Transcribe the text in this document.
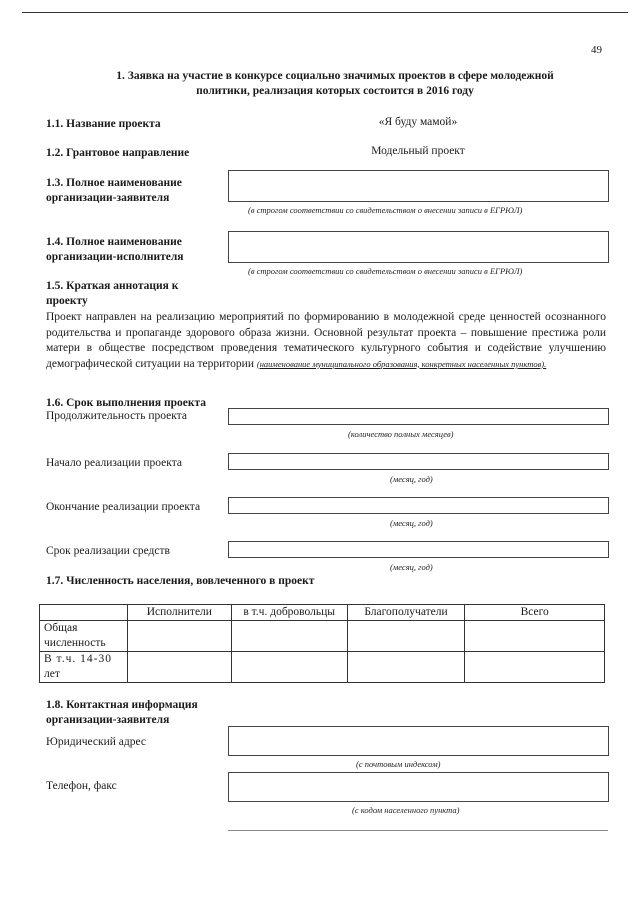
49
1. Заявка на участие в конкурсе социально значимых проектов в сфере молодежной
политики, реализация которых состоится в 2016 году
1.1. Название проекта	«Я буду мамой»
1.2. Грантовое направление	Модельный проект
1.3. Полное наименование
организации-заявителя
(в строгом соответствии со свидетельством о внесении записи в ЕГРЮЛ)
1.4. Полное наименование
организации-исполнителя
(в строгом соответствии со свидетельством о внесении записи в ЕГРЮЛ)
1.5. Краткая аннотация к
проекту
Проект направлен на реализацию мероприятий по формированию в молодежной среде ценностей осознанного родительства и пропаганде здорового образа жизни. Основной результат проекта – повышение престижа роли матери в обществе посредством проведения тематического культурного события и содействие улучшению демографической ситуации на территории (наименование муниципального образования, конкретных населенных пунктов).
1.6. Срок выполнения проекта
Продолжительность проекта
(количество полных месяцев)
Начало реализации проекта
(месяц, год)
Окончание реализации проекта
(месяц, год)
Срок реализации средств
(месяц, год)
1.7. Численность населения, вовлеченного в проект
	Исполнители	в т.ч. добровольцы	Благополучатели	Всего

Общая
численность				

В т.ч. 14-30
лет				

1.8. Контактная информация
организации-заявителя
Юридический адрес
(с почтовым индексом)
Телефон, факс
(с кодом населенного пункта)
